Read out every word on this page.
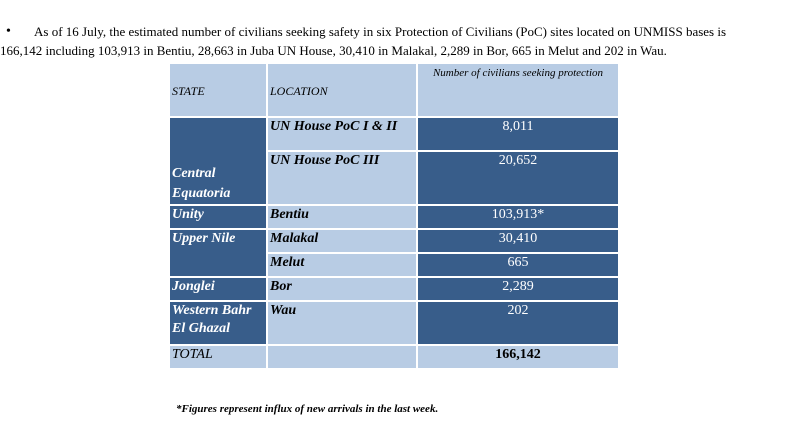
• As of 16 July, the estimated number of civilians seeking safety in six Protection of Civilians (PoC) sites located on UNMISS bases is
166,142 including 103,913 in Bentiu, 28,663 in Juba UN House, 30,410 in Malakal, 2,289 in Bor, 665 in Melut and 202 in Wau.
STATE	LOCATION	Number of civilians seeking protection

Central Equatoria	UN House PoC I & II	8,011
	UN House PoC III	20,652
Unity	Bentiu	103,913*
Upper Nile	Malakal	30,410
	Melut	665
Jonglei	Bor	2,289
Western Bahr El Ghazal	Wau	202
TOTAL		166,142
*Figures represent influx of new arrivals in the last week.
